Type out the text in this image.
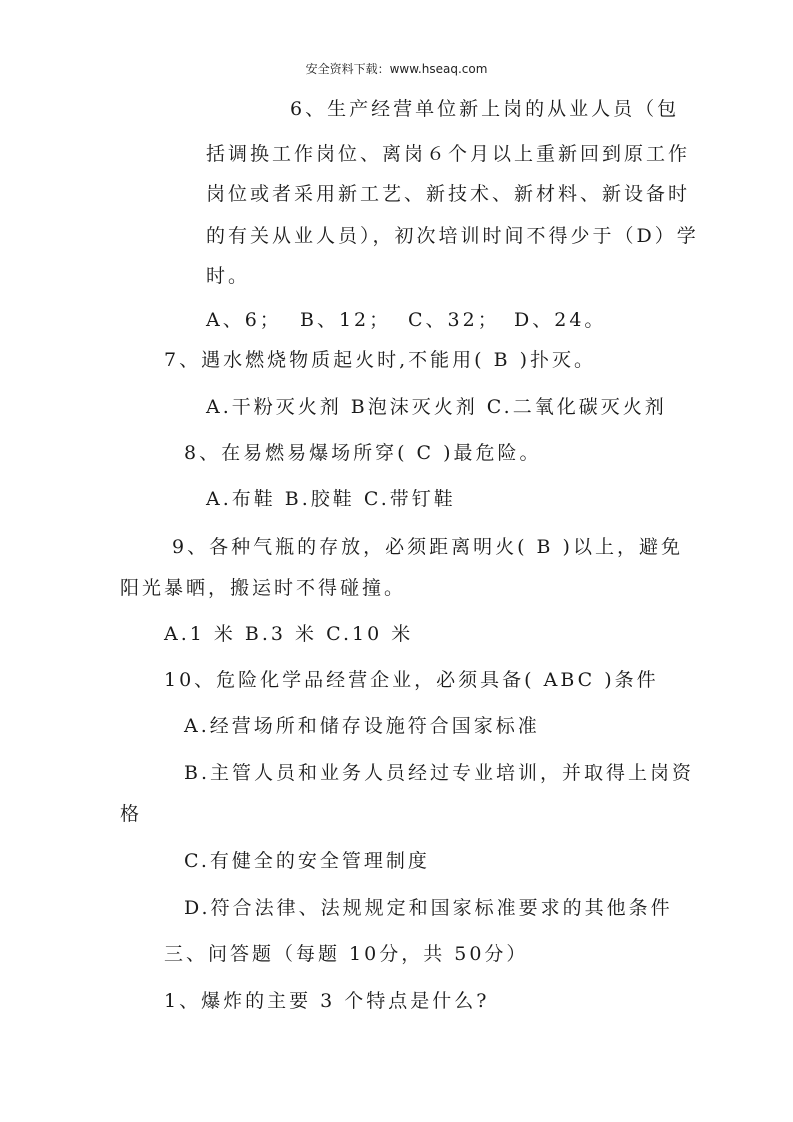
安全资料下载：www.hseaq.com
6、生产经营单位新上岗的从业人员（包
括调换工作岗位、离岗６个月以上重新回到原工作
岗位或者采用新工艺、新技术、新材料、新设备时
的有关从业人员），初次培训时间不得少于（D）学
时。
A、6； B、12； C、32； D、24。
7、遇水燃烧物质起火时,不能用( B )扑灭。
A.干粉灭火剂 B泡沫灭火剂 C.二氧化碳灭火剂
8、在易燃易爆场所穿( C )最危险。
A.布鞋 B.胶鞋 C.带钉鞋
9、各种气瓶的存放，必须距离明火( B )以上，避免
阳光暴晒，搬运时不得碰撞。
A.1 米 B.3 米 C.10 米
10、危险化学品经营企业，必须具备( ABC )条件
A.经营场所和储存设施符合国家标准
B.主管人员和业务人员经过专业培训，并取得上岗资
格
C.有健全的安全管理制度
D.符合法律、法规规定和国家标准要求的其他条件
三、问答题（每题 10分，共 50分）
1、爆炸的主要 3 个特点是什么?
